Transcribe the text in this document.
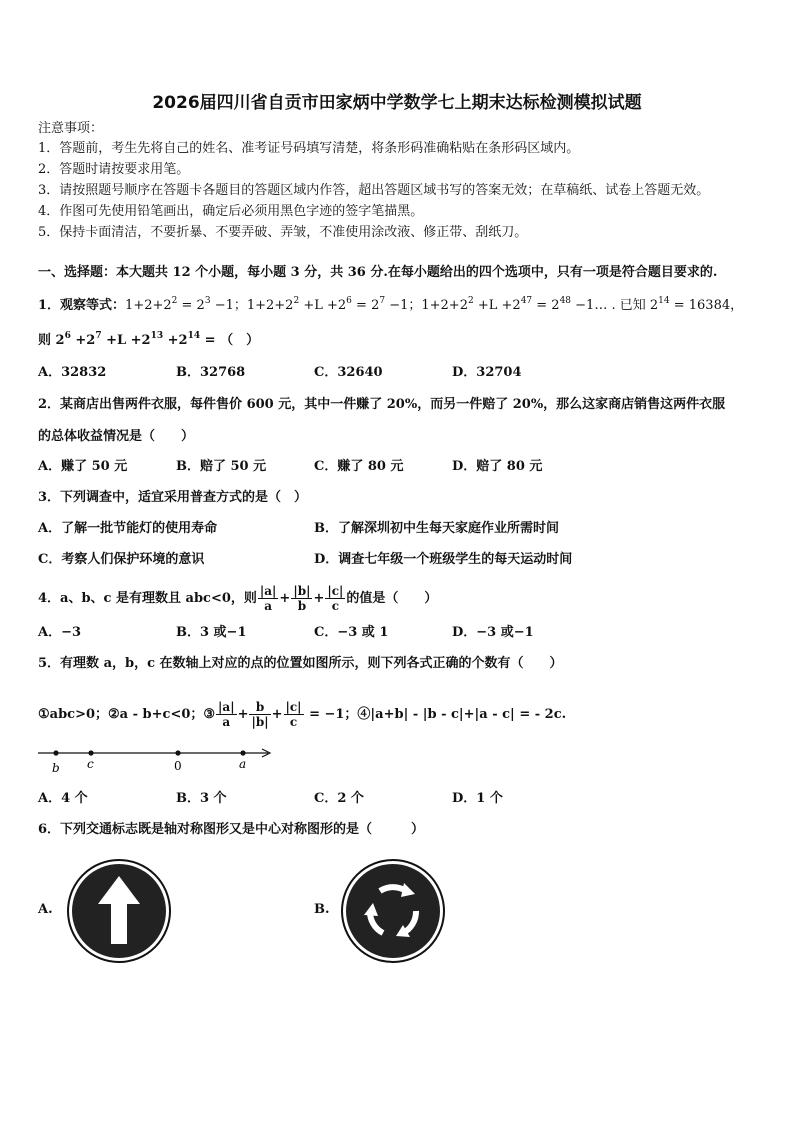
2026届四川省自贡市田家炳中学数学七上期末达标检测模拟试题
注意事项：
1．答题前，考生先将自己的姓名、准考证号码填写清楚，将条形码准确粘贴在条形码区域内。
2．答题时请按要求用笔。
3．请按照题号顺序在答题卡各题目的答题区域内作答，超出答题区域书写的答案无效；在草稿纸、试卷上答题无效。
4．作图可先使用铅笔画出，确定后必须用黑色字迹的签字笔描黑。
5．保持卡面清洁，不要折暴、不要弄破、弄皱，不准使用涂改液、修正带、刮纸刀。
一、选择题：本大题共 12 个小题，每小题 3 分，共 36 分.在每小题给出的四个选项中，只有一项是符合题目要求的.
1．观察等式：$1+2+2^2 = 2^3 -1$；$1+2+2^2 +L +2^6 = 2^7 -1$；$1+2+2^2 +L +2^{47} = 2^{48}$ −1… . 已知 $2^{14} = 16384$，
则 $2^6 +2^7 +L +2^{13} +2^{14}$ = （　）
A．32832	B．32768	C．32640	D．32704
2．某商店出售两件衣服，每件售价 600 元，其中一件赚了 20%，而另一件赔了 20%，那么这家商店销售这两件衣服
的总体收益情况是（　　）
A．赚了 50 元	B．赔了 50 元	C．赚了 80 元	D．赔了 80 元
3．下列调查中，适宜采用普查方式的是（　）
A．了解一批节能灯的使用寿命	B．了解深圳初中生每天家庭作业所需时间
C．考察人们保护环境的意识	D．调查七年级一个班级学生的每天运动时间
4．a、b、c 是有理数且 abc<0，则 $\frac{|a|}{a} + \frac{|b|}{b} + \frac{|c|}{c}$ 的值是（　　）
A．−3	B．3 或−1	C．−3 或 1	D．−3 或−1
5．有理数 a，b，c 在数轴上对应的点的位置如图所示，则下列各式正确的个数有（　　）
①abc>0；②a - b+c<0；③ $\frac{|a|}{a} + \frac{b}{|b|} + \frac{|c|}{c} = -1$；④|a+b| - |b - c|+|a - c| = - 2c.
b c	0	a
A．4 个	B．3 个	C．2 个	D．1 个
6．下列交通标志既是轴对称图形又是中心对称图形的是（　　　）
A.	B.
